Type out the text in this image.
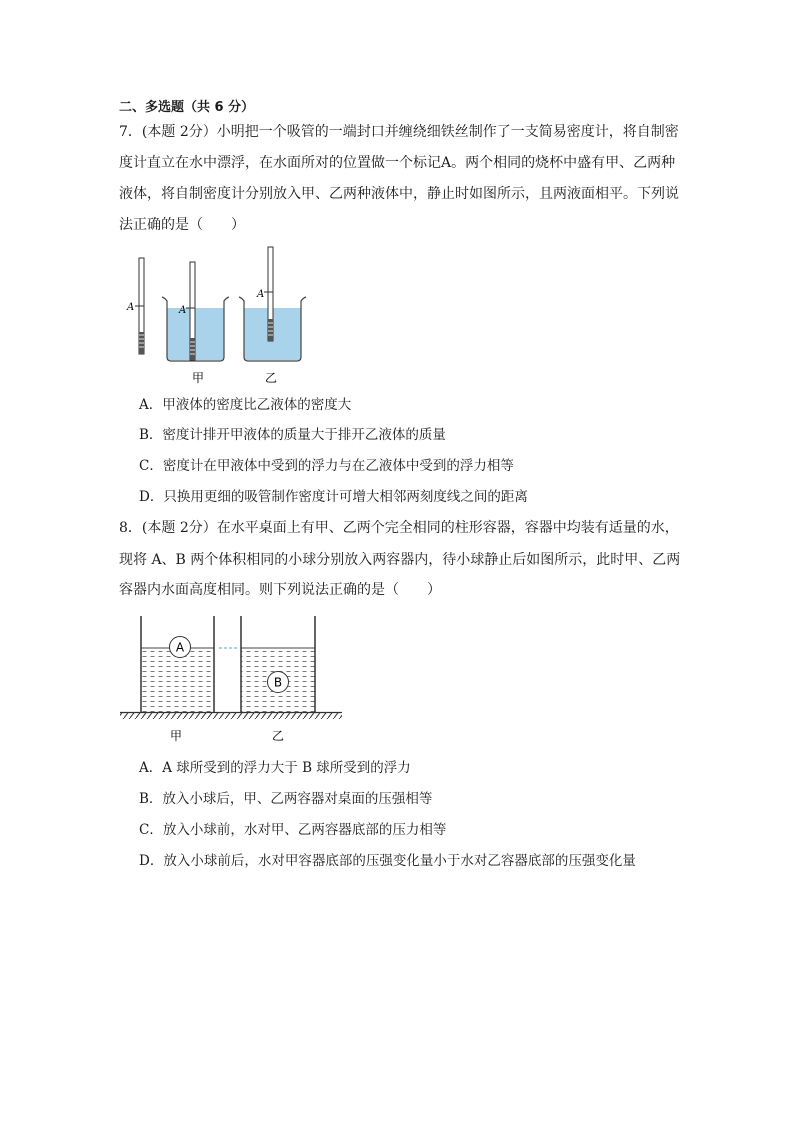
二、多选题（共 6 分）
7．(本题 2分）小明把一个吸管的一端封口并缠绕细铁丝制作了一支简易密度计，将自制密
度计直立在水中漂浮，在水面所对的位置做一个标记A。两个相同的烧杯中盛有甲、乙两种
液体，将自制密度计分别放入甲、乙两种液体中，静止时如图所示，且两液面相平。下列说
法正确的是（　　）
A	A
A
甲	乙
A．甲液体的密度比乙液体的密度大
B．密度计排开甲液体的质量大于排开乙液体的质量
C．密度计在甲液体中受到的浮力与在乙液体中受到的浮力相等
D．只换用更细的吸管制作密度计可增大相邻两刻度线之间的距离
8．(本题 2分）在水平桌面上有甲、乙两个完全相同的柱形容器，容器中均装有适量的水，
现将 A、B 两个体积相同的小球分别放入两容器内，待小球静止后如图所示，此时甲、乙两
容器内水面高度相同。则下列说法正确的是（　　）
A
B
甲	乙
A．A 球所受到的浮力大于 B 球所受到的浮力
B．放入小球后，甲、乙两容器对桌面的压强相等
C．放入小球前，水对甲、乙两容器底部的压力相等
D．放入小球前后，水对甲容器底部的压强变化量小于水对乙容器底部的压强变化量
